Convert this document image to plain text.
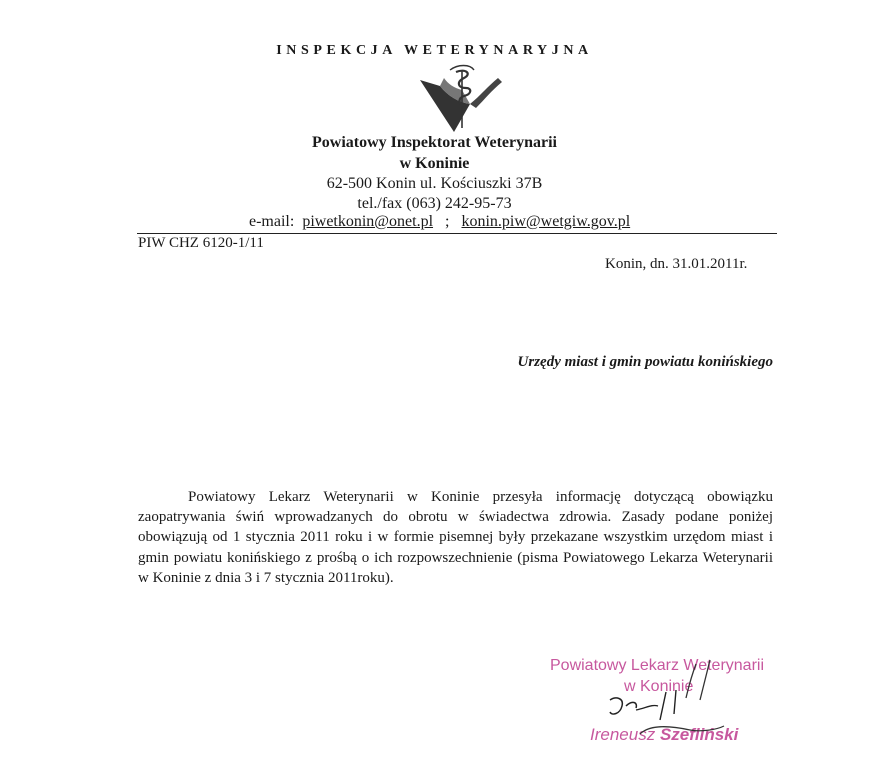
INSPEKCJA WETERYNARYJNA
Powiatowy Inspektorat Weterynarii
w Koninie
62-500 Konin ul. Kościuszki 37B
tel./fax (063) 242-95-73
e-mail: piwetkonin@onet.pl ; konin.piw@wetgiw.gov.pl
PIW CHZ 6120-1/11
Konin, dn. 31.01.2011r.
Urzędy miast i gmin powiatu konińskiego
Powiatowy Lekarz Weterynarii w Koninie przesyła informację dotyczącą obowiązku zaopatrywania świń wprowadzanych do obrotu w świadectwa zdrowia. Zasady podane poniżej obowiązują od 1 stycznia 2011 roku i w formie pisemnej były przekazane wszystkim urzędom miast i gmin powiatu konińskiego z prośbą o ich rozpowszechnienie (pisma Powiatowego Lekarza Weterynarii w Koninie z dnia 3 i 7 stycznia 2011roku).
Powiatowy Lekarz Weterynarii
w Koninie
Ireneusz Szefliński
